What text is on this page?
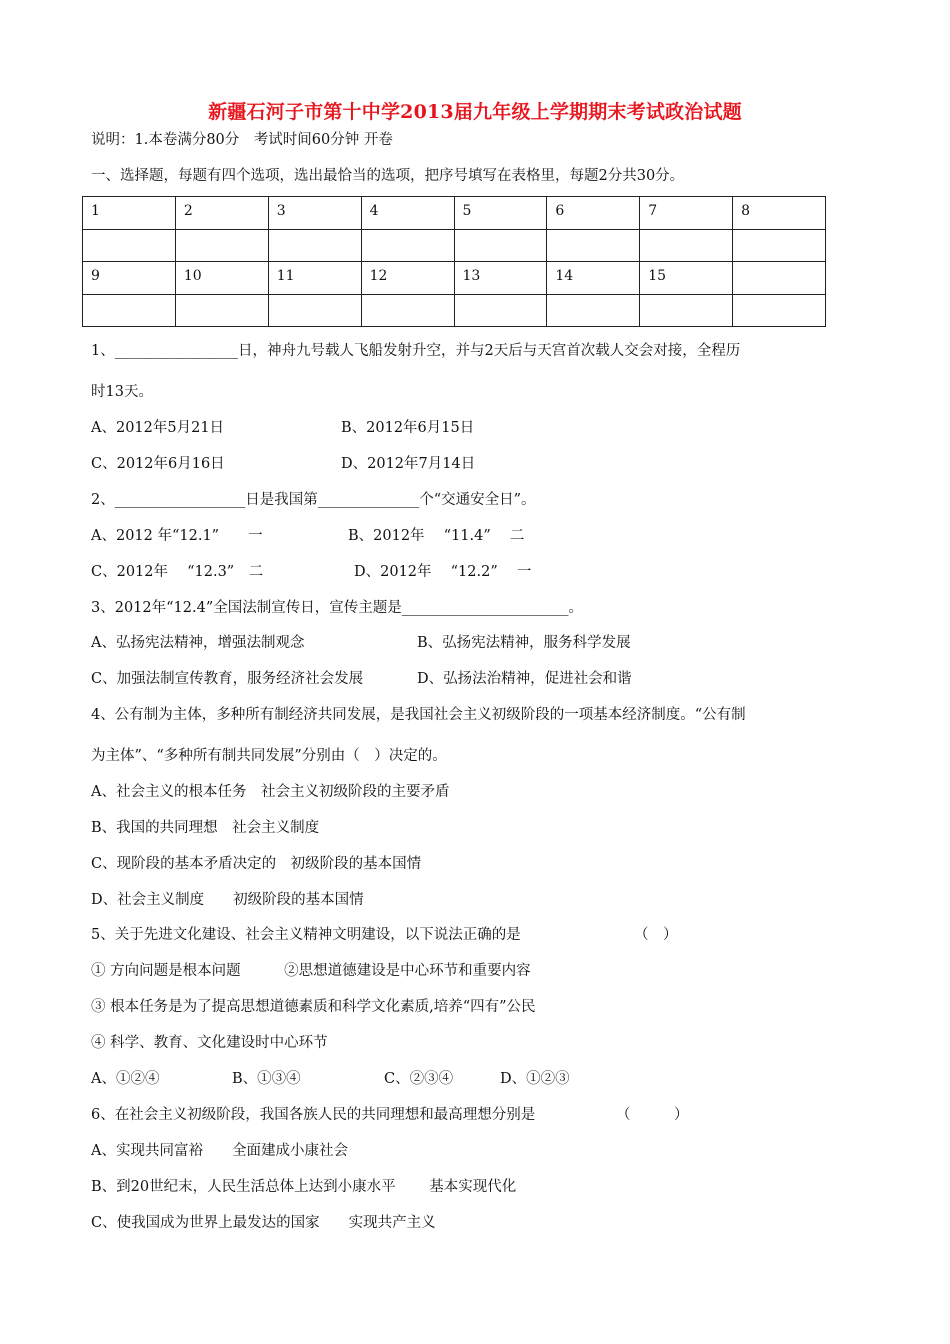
新疆石河子市第十中学2013届九年级上学期期末考试政治试题
说明：1.本卷满分80分　考试时间60分钟 开卷
一、选择题，每题有四个选项，选出最恰当的选项，把序号填写在表格里，每题2分共30分。
1	2	3	4	5	6	7	8

9	10	11	12	13	14	15	

1、_________________日，神舟九号载人飞船发射升空，并与2天后与天宫首次载人交会对接，全程历
时13天。
A、2012年5月21日	B、2012年6月15日
C、2012年6月16日	D、2012年7月14日
2、__________________日是我国第______________个“交通安全日”。
A、2012 年“12.1”　　一	B、2012年　 “11.4”　 二
C、2012年　 “12.3”　二	D、2012年　 “12.2”　 一
3、2012年“12.4”全国法制宣传日，宣传主题是_______________________。
A、弘扬宪法精神，增强法制观念	B、弘扬宪法精神，服务科学发展
C、加强法制宣传教育，服务经济社会发展	D、弘扬法治精神，促进社会和谐
4、公有制为主体，多种所有制经济共同发展，是我国社会主义初级阶段的一项基本经济制度。“公有制
为主体”、“多种所有制共同发展”分别由（　）决定的。
A、社会主义的根本任务　社会主义初级阶段的主要矛盾
B、我国的共同理想　社会主义制度
C、现阶段的基本矛盾决定的　初级阶段的基本国情
D、社会主义制度　　初级阶段的基本国情
5、关于先进文化建设、社会主义精神文明建设，以下说法正确的是	（　）
① 方向问题是根本问题　　　②思想道德建设是中心环节和重要内容
③ 根本任务是为了提高思想道德素质和科学文化素质,培养“四有”公民
④ 科学、教育、文化建设时中心环节
A、①②④	B、①③④	C、②③④	D、①②③
6、在社会主义初级阶段，我国各族人民的共同理想和最高理想分别是	（　　　）
A、实现共同富裕　　全面建成小康社会
B、到20世纪末，人民生活总体上达到小康水平　　 基本实现代化
C、使我国成为世界上最发达的国家　　实现共产主义
